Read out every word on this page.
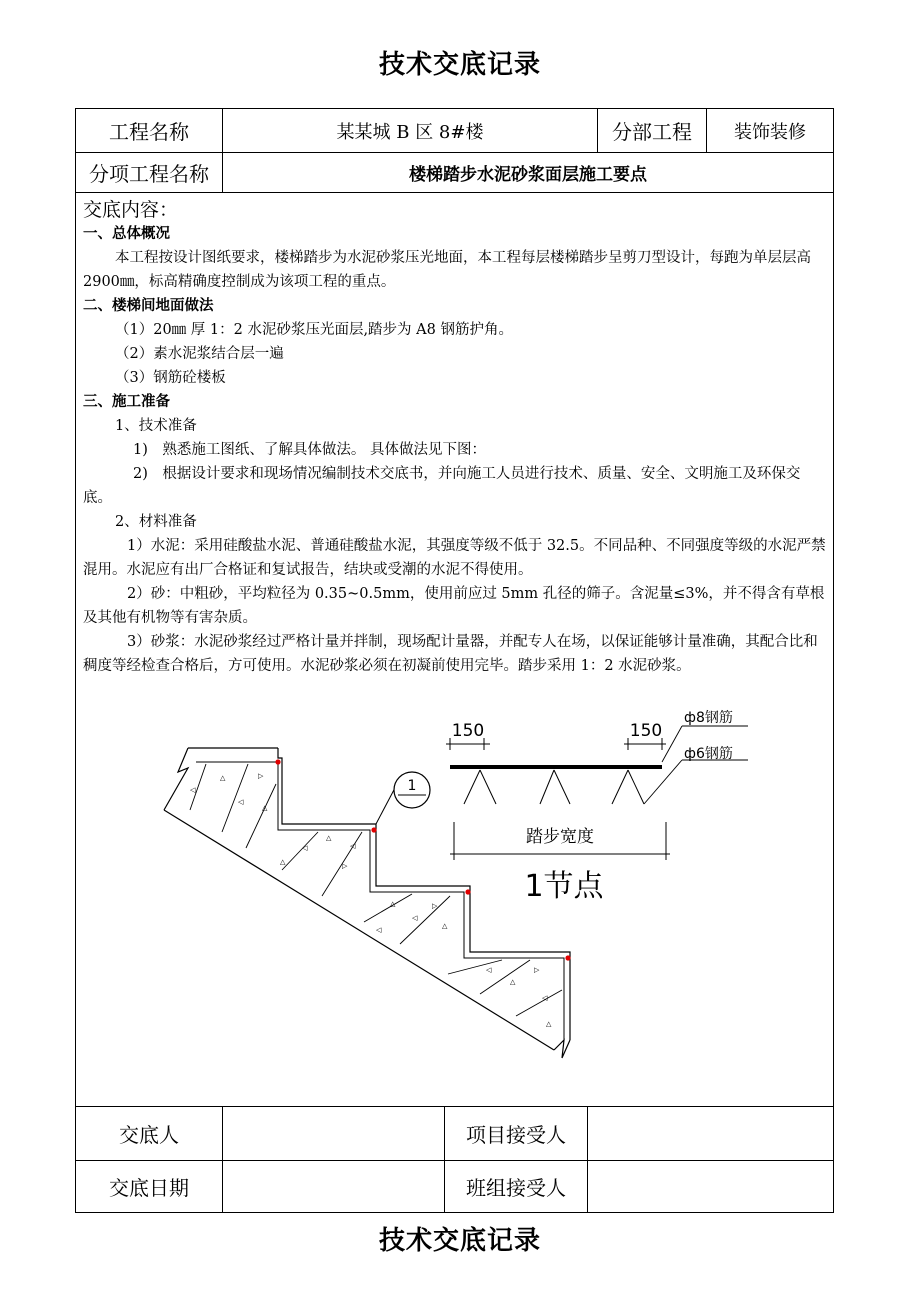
技术交底记录
技术交底记录
工程名称	某某城 B 区 8#楼	分部工程	装饰装修
分项工程名称	楼梯踏步水泥砂浆面层施工要点

交底内容：

一、总体概况

本工程按设计图纸要求，楼梯踏步为水泥砂浆压光地面，本工程每层楼梯踏步呈剪刀型设计，每跑为单层层高 2900㎜，标高精确度控制成为该项工程的重点。

二、楼梯间地面做法

（1）20㎜ 厚 1：2 水泥砂浆压光面层,踏步为 A8 钢筋护角。

（2）素水泥浆结合层一遍

（3）钢筋砼楼板

三、施工准备

1、技术准备

1)　熟悉施工图纸、了解具体做法。 具体做法见下图：

2)　根据设计要求和现场情况编制技术交底书，并向施工人员进行技术、质量、安全、文明施工及环保交底。

2、材料准备

1）水泥：采用硅酸盐水泥、普通硅酸盐水泥，其强度等级不低于 32.5。不同品种、不同强度等级的水泥严禁混用。水泥应有出厂合格证和复试报告，结块或受潮的水泥不得使用。

2）砂：中粗砂，平均粒径为 0.35~0.5mm，使用前应过 5mm 孔径的筛子。含泥量≤3%，并不得含有草根及其他有机物等有害杂质。

3）砂浆：水泥砂浆经过严格计量并拌制，现场配计量器，并配专人在场，以保证能够计量准确，其配合比和稠度等经检查合格后，方可使用。水泥砂浆必须在初凝前使用完毕。踏步采用 1：2 水泥砂浆。

◁
△
◁
▷
△
◁
△
▷
◁
△
◁
▷
△
◁
△
▷
◁
△
◁
△
1
150	150
ф8钢筋
ф6钢筋
踏步宽度
1节点
交底人	项目接受人
交底日期	班组接受人
